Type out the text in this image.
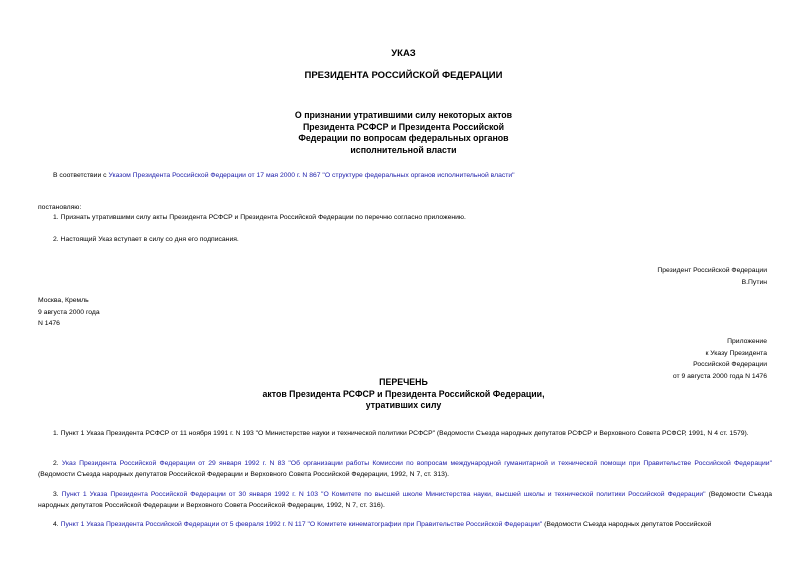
УКАЗ
ПРЕЗИДЕНТА РОССИЙСКОЙ ФЕДЕРАЦИИ
О признании утратившими силу некоторых актов
Президента РСФСР и Президента Российской
Федерации по вопросам федеральных органов
исполнительной власти
В соответствии с Указом Президента Российской Федерации от 17 мая 2000 г. N 867 "О структуре федеральных органов исполнительной власти"
постановляю:
1. Признать утратившими силу акты Президента РСФСР и Президента Российской Федерации по перечню согласно приложению.
2. Настоящий Указ вступает в силу со дня его подписания.
Президент Российской Федерации
В.Путин
Москва, Кремль
9 августа 2000 года
N 1476
Приложение
к Указу Президента
Российской Федерации
от 9 августа 2000 года N 1476
ПЕРЕЧЕНЬ
актов Президента РСФСР и Президента Российской Федерации,
утративших силу
1. Пункт 1 Указа Президента РСФСР от 11 ноября 1991 г. N 193 "О Министерстве науки и технической политики РСФСР" (Ведомости Съезда народных депутатов РСФСР и Верховного Совета РСФСР, 1991, N 4 ст. 1579).
2. Указ Президента Российской Федерации от 29 января 1992 г. N 83 "Об организации работы Комиссии по вопросам международной гуманитарной и технической помощи при Правительстве Российской Федерации" (Ведомости Съезда народных депутатов Российской Федерации и Верховного Совета Российской Федерации, 1992, N 7, ст. 313).
3. Пункт 1 Указа Президента Российской Федерации от 30 января 1992 г. N 103 "О Комитете по высшей школе Министерства науки, высшей школы и технической политики Российской Федерации" (Ведомости Съезда народных депутатов Российской Федерации и Верховного Совета Российской Федерации, 1992, N 7, ст. 316).
4. Пункт 1 Указа Президента Российской Федерации от 5 февраля 1992 г. N 117 "О Комитете кинематографии при Правительстве Российской Федерации" (Ведомости Съезда народных депутатов Российской
